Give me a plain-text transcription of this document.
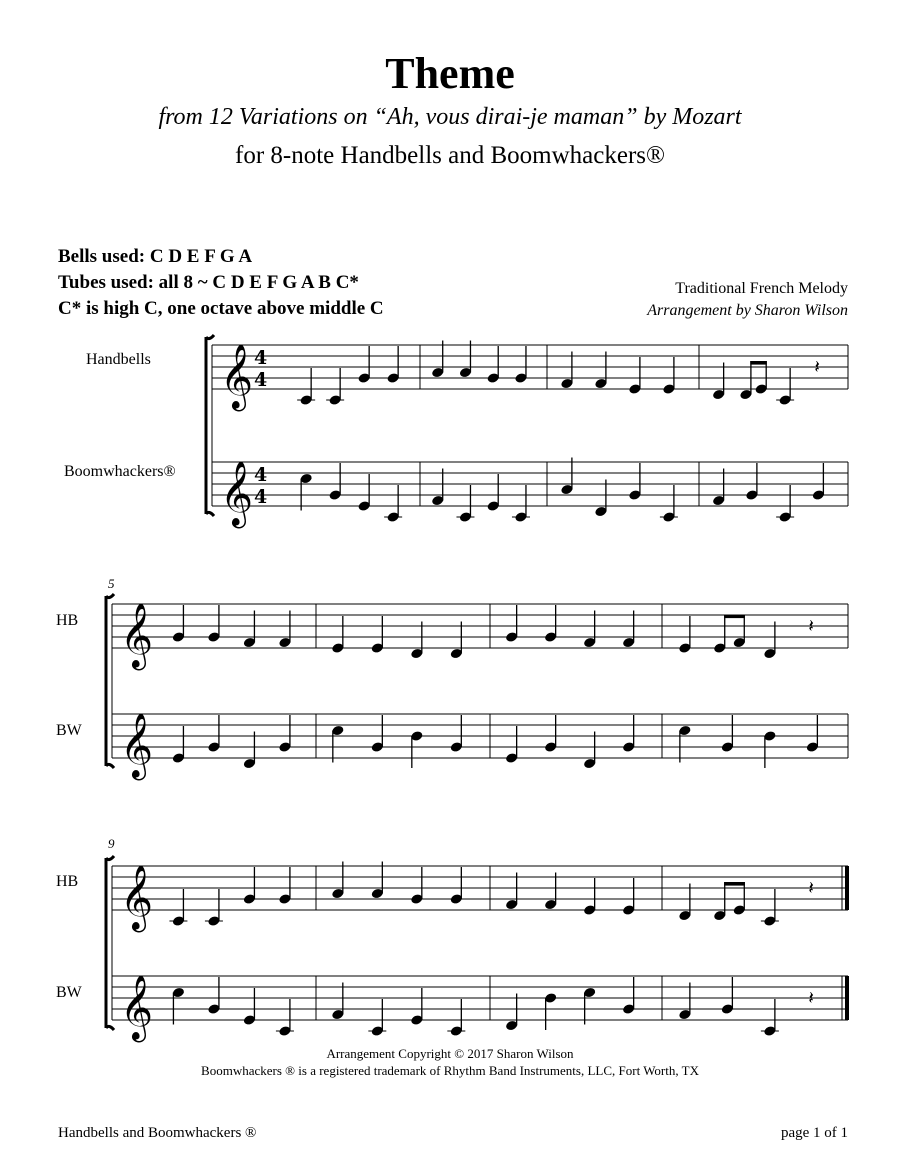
Theme
from 12 Variations on “Ah, vous dirai-je maman” by Mozart
for 8-note Handbells and Boomwhackers®
Bells used: C D E F G A
Tubes used: all 8 ~ C D E F G A B C*
C* is high C, one octave above middle C
Traditional French Melody
Arrangement by Sharon Wilson
Handbells
Boomwhackers®
HB
BW
HB
BW
𝄞
𝄞
4
4
4
4
𝄽
𝄞
𝄞
5
𝄽
𝄞
𝄞
9
𝄽
𝄽
Arrangement Copyright © 2017 Sharon Wilson
Boomwhackers ® is a registered trademark of Rhythm Band Instruments, LLC, Fort Worth, TX
Handbells and Boomwhackers ®	page 1 of 1
